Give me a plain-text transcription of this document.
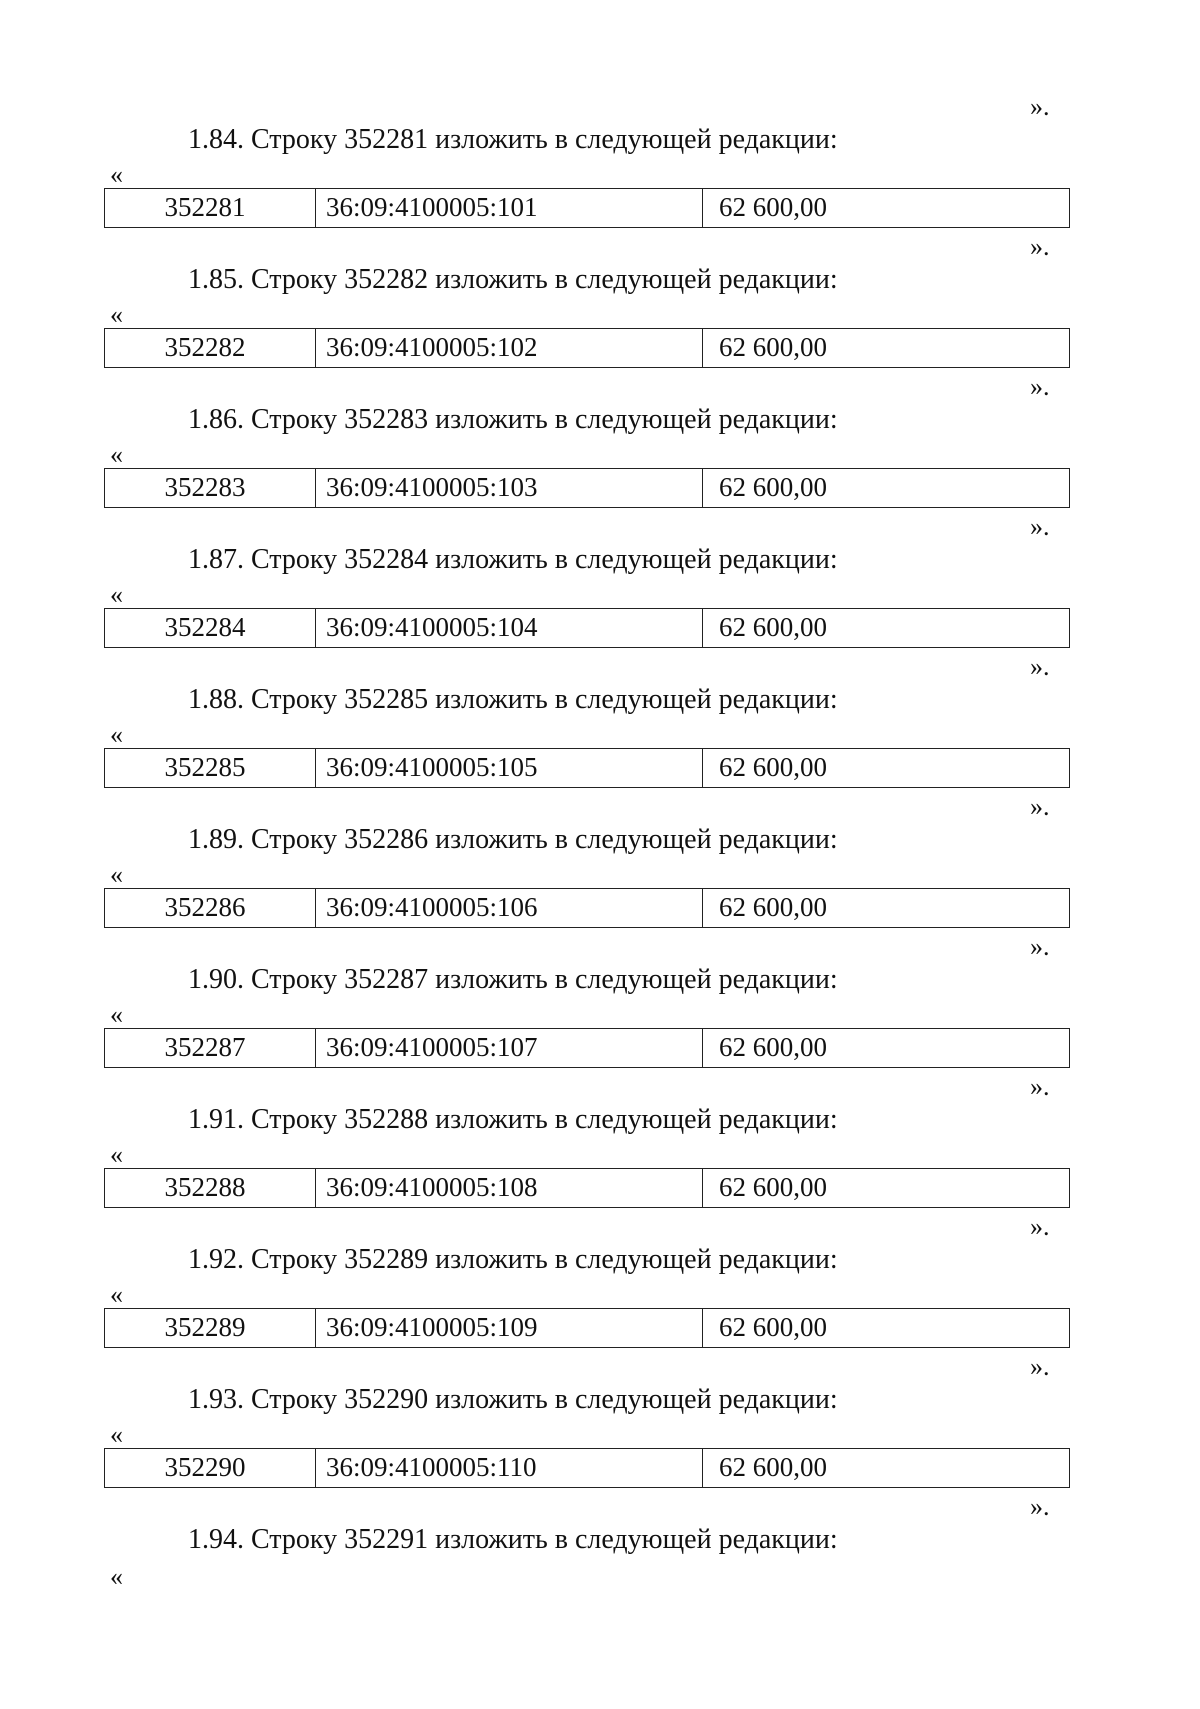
».
1.84. Строку 352281 изложить в следующей редакции:
«
352281	36:09:4100005:101	62 600,00
».
1.85. Строку 352282 изложить в следующей редакции:
«
352282	36:09:4100005:102	62 600,00
».
1.86. Строку 352283 изложить в следующей редакции:
«
352283	36:09:4100005:103	62 600,00
».
1.87. Строку 352284 изложить в следующей редакции:
«
352284	36:09:4100005:104	62 600,00
».
1.88. Строку 352285 изложить в следующей редакции:
«
352285	36:09:4100005:105	62 600,00
».
1.89. Строку 352286 изложить в следующей редакции:
«
352286	36:09:4100005:106	62 600,00
».
1.90. Строку 352287 изложить в следующей редакции:
«
352287	36:09:4100005:107	62 600,00
».
1.91. Строку 352288 изложить в следующей редакции:
«
352288	36:09:4100005:108	62 600,00
».
1.92. Строку 352289 изложить в следующей редакции:
«
352289	36:09:4100005:109	62 600,00
».
1.93. Строку 352290 изложить в следующей редакции:
«
352290	36:09:4100005:110	62 600,00
».
1.94. Строку 352291 изложить в следующей редакции:
«
